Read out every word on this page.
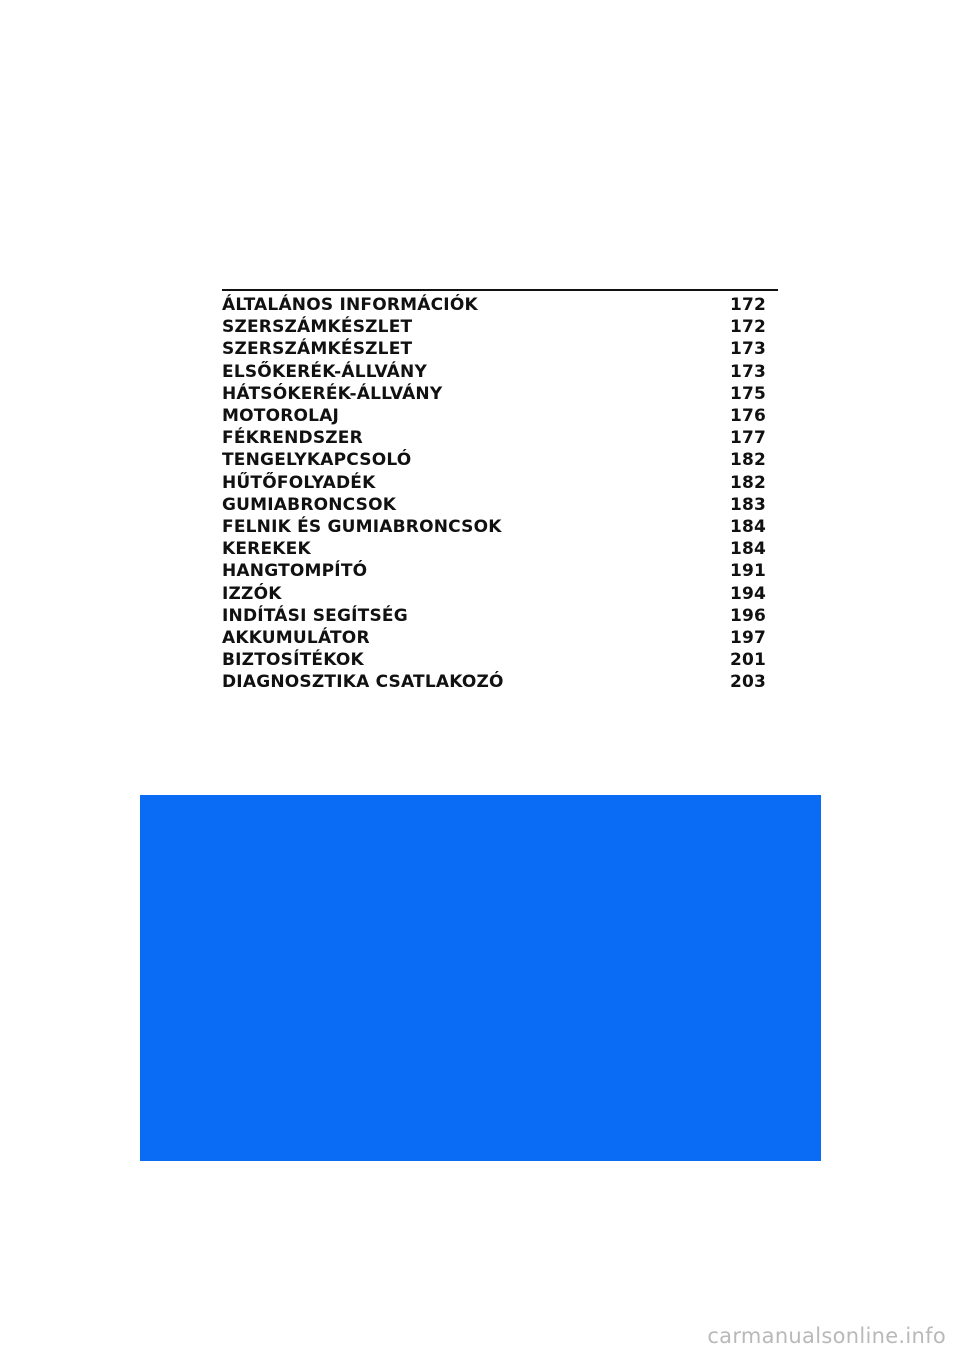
ÁLTALÁNOS INFORMÁCIÓK	172
SZERSZÁMKÉSZLET	172
SZERSZÁMKÉSZLET	173
ELSŐKERÉK-ÁLLVÁNY	173
HÁTSÓKERÉK-ÁLLVÁNY	175
MOTOROLAJ	176
FÉKRENDSZER	177
TENGELYKAPCSOLÓ	182
HŰTŐFOLYADÉK	182
GUMIABRONCSOK	183
FELNIK ÉS GUMIABRONCSOK	184
KEREKEK	184
HANGTOMPÍTÓ	191
IZZÓK	194
INDÍTÁSI SEGÍTSÉG	196
AKKUMULÁTOR	197
BIZTOSÍTÉKOK	201
DIAGNOSZTIKA CSATLAKOZÓ	203
carmanualsonline.info
